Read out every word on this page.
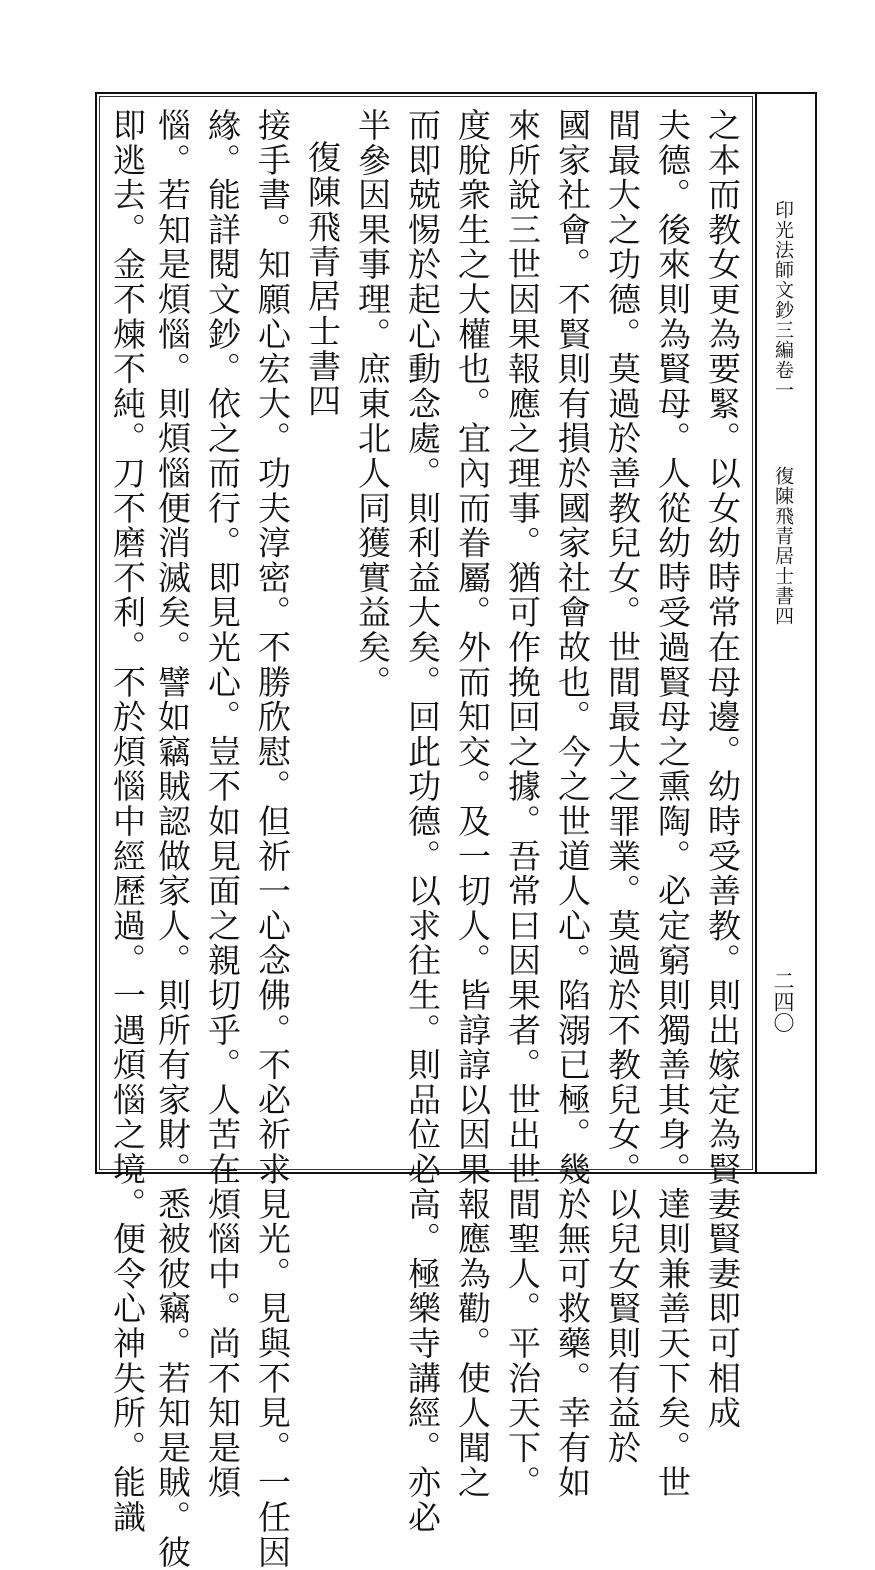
印光法師文鈔三編卷一
復陳飛青居士書四
二四〇
之本而教女更為要緊。以女幼時常在母邊。幼時受善教。則出嫁定為賢妻賢妻即可相成
夫德。後來則為賢母。人從幼時受過賢母之熏陶。必定窮則獨善其身。達則兼善天下矣。世
間最大之功德。莫過於善教兒女。世間最大之罪業。莫過於不教兒女。以兒女賢則有益於
國家社會。不賢則有損於國家社會故也。今之世道人心。陷溺已極。幾於無可救藥。幸有如
來所說三世因果報應之理事。猶可作挽回之據。吾常曰因果者。世出世間聖人。平治天下。
度脫衆生之大權也。宜內而眷屬。外而知交。及一切人。皆諄諄以因果報應為勸。使人聞之
而即兢惕於起心動念處。則利益大矣。回此功德。以求往生。則品位必高。極樂寺講經。亦必
半參因果事理。庶東北人同獲實益矣。
復陳飛青居士書四
接手書。知願心宏大。功夫淳密。不勝欣慰。但祈一心念佛。不必祈求見光。見與不見。一任因
緣。能詳閱文鈔。依之而行。即見光心。豈不如見面之親切乎。人苦在煩惱中。尚不知是煩
惱。若知是煩惱。則煩惱便消滅矣。譬如竊賊認做家人。則所有家財。悉被彼竊。若知是賊。彼
即逃去。金不煉不純。刀不磨不利。不於煩惱中經歷過。一遇煩惱之境。便令心神失所。能識
